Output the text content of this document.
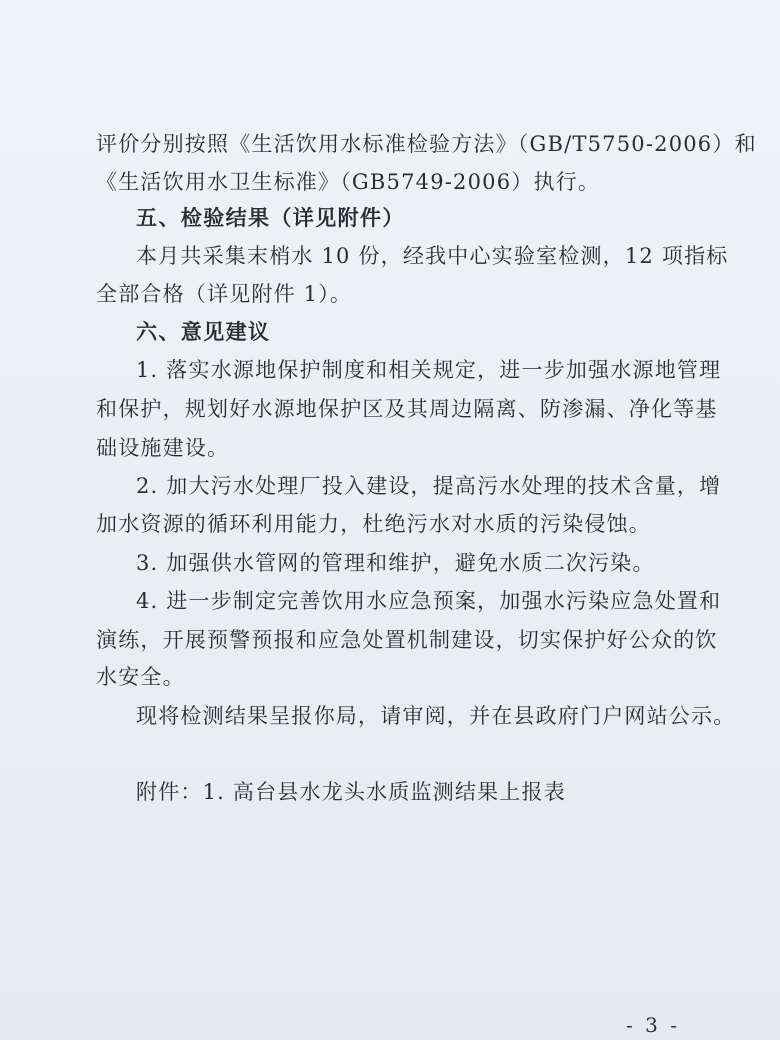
评价分别按照《生活饮用水标准检验方法》（GB/T5750-2006）和
《生活饮用水卫生标准》（GB5749-2006）执行。
五、检验结果（详见附件）
本月共采集末梢水 10 份，经我中心实验室检测，12 项指标
全部合格（详见附件 1）。
六、意见建议
1. 落实水源地保护制度和相关规定，进一步加强水源地管理
和保护，规划好水源地保护区及其周边隔离、防渗漏、净化等基
础设施建设。
2. 加大污水处理厂投入建设，提高污水处理的技术含量，增
加水资源的循环利用能力，杜绝污水对水质的污染侵蚀。
3. 加强供水管网的管理和维护，避免水质二次污染。
4. 进一步制定完善饮用水应急预案，加强水污染应急处置和
演练，开展预警预报和应急处置机制建设，切实保护好公众的饮
水安全。
现将检测结果呈报你局，请审阅，并在县政府门户网站公示。
附件：1. 高台县水龙头水质监测结果上报表
- 3 -
